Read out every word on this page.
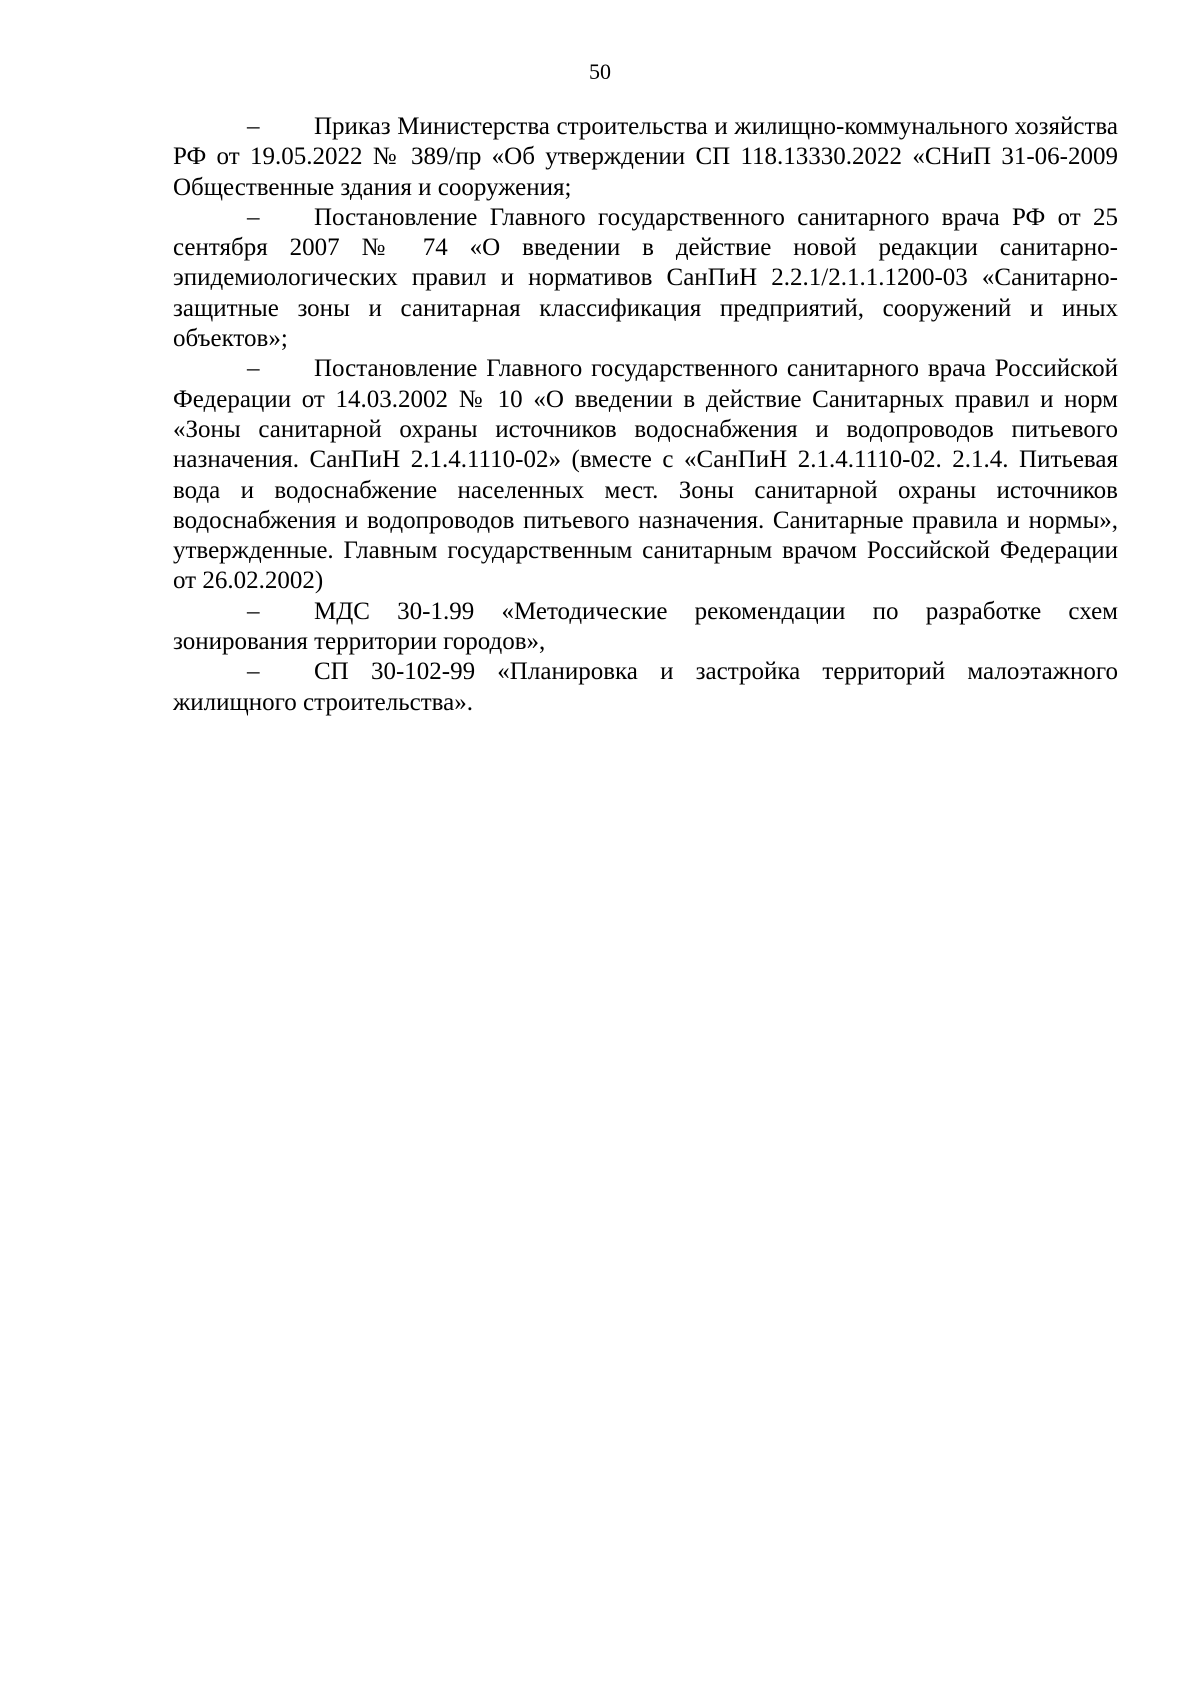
50

– Приказ Министерства строительства и жилищно-коммунального хозяйства РФ от 19.05.2022 № 389/пр «Об утверждении СП 118.13330.2022 «СНиП 31-06-2009 Общественные здания и сооружения;

– Постановление Главного государственного санитарного врача РФ от 25 сентября 2007 № 74 «О введении в действие новой редакции санитарно-эпидемиологических правил и нормативов СанПиН 2.2.1/2.1.1.1200-03 «Санитарно-защитные зоны и санитарная классификация предприятий, сооружений и иных объектов»;

– Постановление Главного государственного санитарного врача Российской Федерации от 14.03.2002 № 10 «О введении в действие Санитарных правил и норм «Зоны санитарной охраны источников водоснабжения и водопроводов питьевого назначения. СанПиН 2.1.4.1110-02» (вместе с «СанПиН 2.1.4.1110-02. 2.1.4. Питьевая вода и водоснабжение населенных мест. Зоны санитарной охраны источников водоснабжения и водопроводов питьевого назначения. Санитарные правила и нормы», утвержденные. Главным государственным санитарным врачом Российской Федерации от 26.02.2002)

– МДС 30-1.99 «Методические рекомендации по разработке схем зонирования территории городов»,

– СП 30-102-99 «Планировка и застройка территорий малоэтажного жилищного строительства».
